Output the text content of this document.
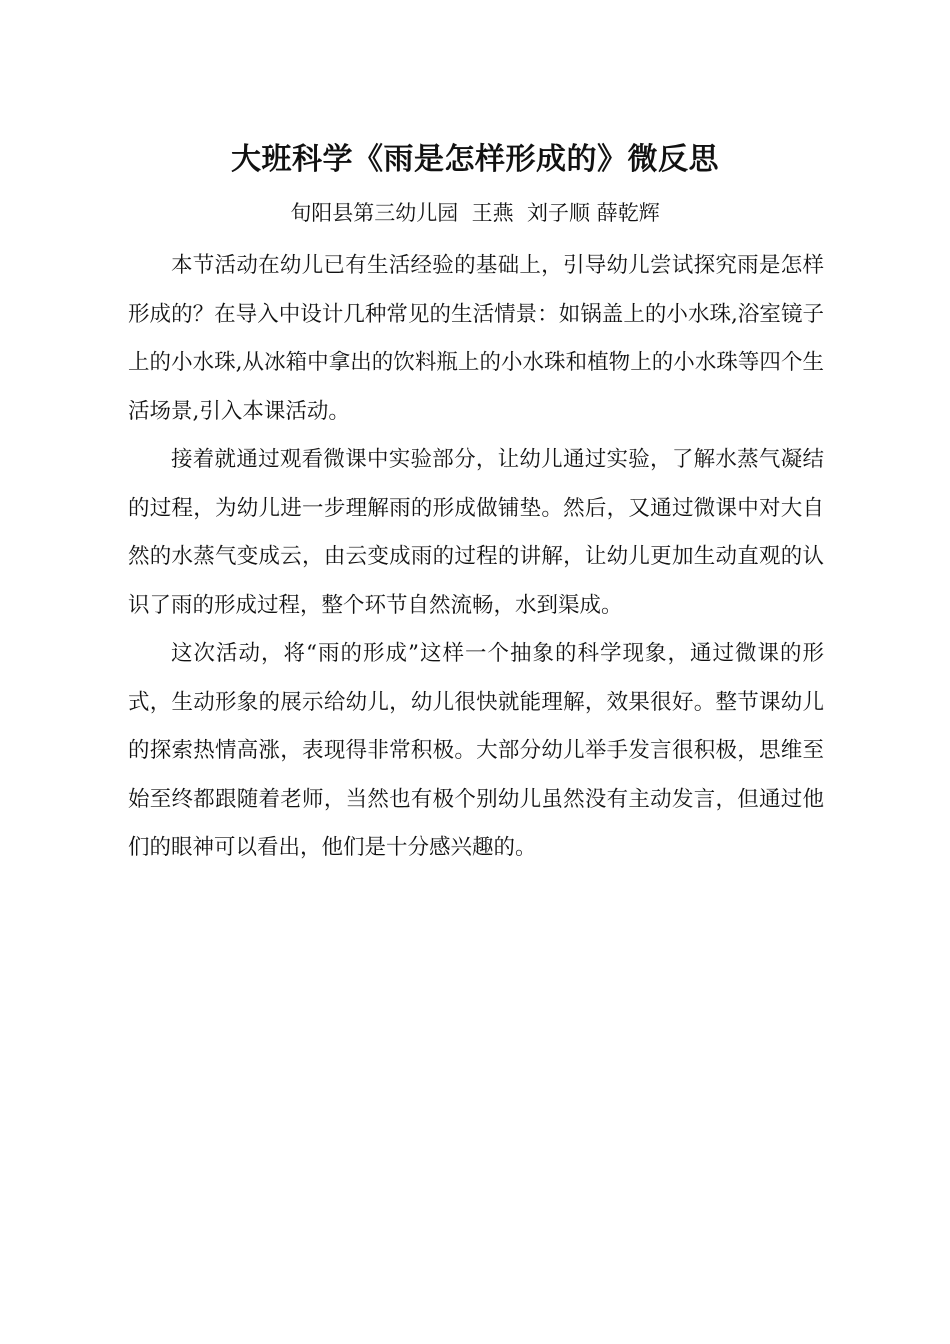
大班科学《雨是怎样形成的》微反思
旬阳县第三幼儿园  王燕  刘子顺 薛乾辉

本节活动在幼儿已有生活经验的基础上，引导幼儿尝试探究雨是怎样形成的？在导入中设计几种常见的生活情景：如锅盖上的小水珠,浴室镜子上的小水珠,从冰箱中拿出的饮料瓶上的小水珠和植物上的小水珠等四个生活场景,引入本课活动。

接着就通过观看微课中实验部分，让幼儿通过实验，了解水蒸气凝结的过程，为幼儿进一步理解雨的形成做铺垫。然后，又通过微课中对大自然的水蒸气变成云，由云变成雨的过程的讲解，让幼儿更加生动直观的认识了雨的形成过程，整个环节自然流畅，水到渠成。

这次活动，将“雨的形成”这样一个抽象的科学现象，通过微课的形式，生动形象的展示给幼儿，幼儿很快就能理解，效果很好。整节课幼儿的探索热情高涨，表现得非常积极。大部分幼儿举手发言很积极，思维至始至终都跟随着老师，当然也有极个别幼儿虽然没有主动发言，但通过他们的眼神可以看出，他们是十分感兴趣的。
